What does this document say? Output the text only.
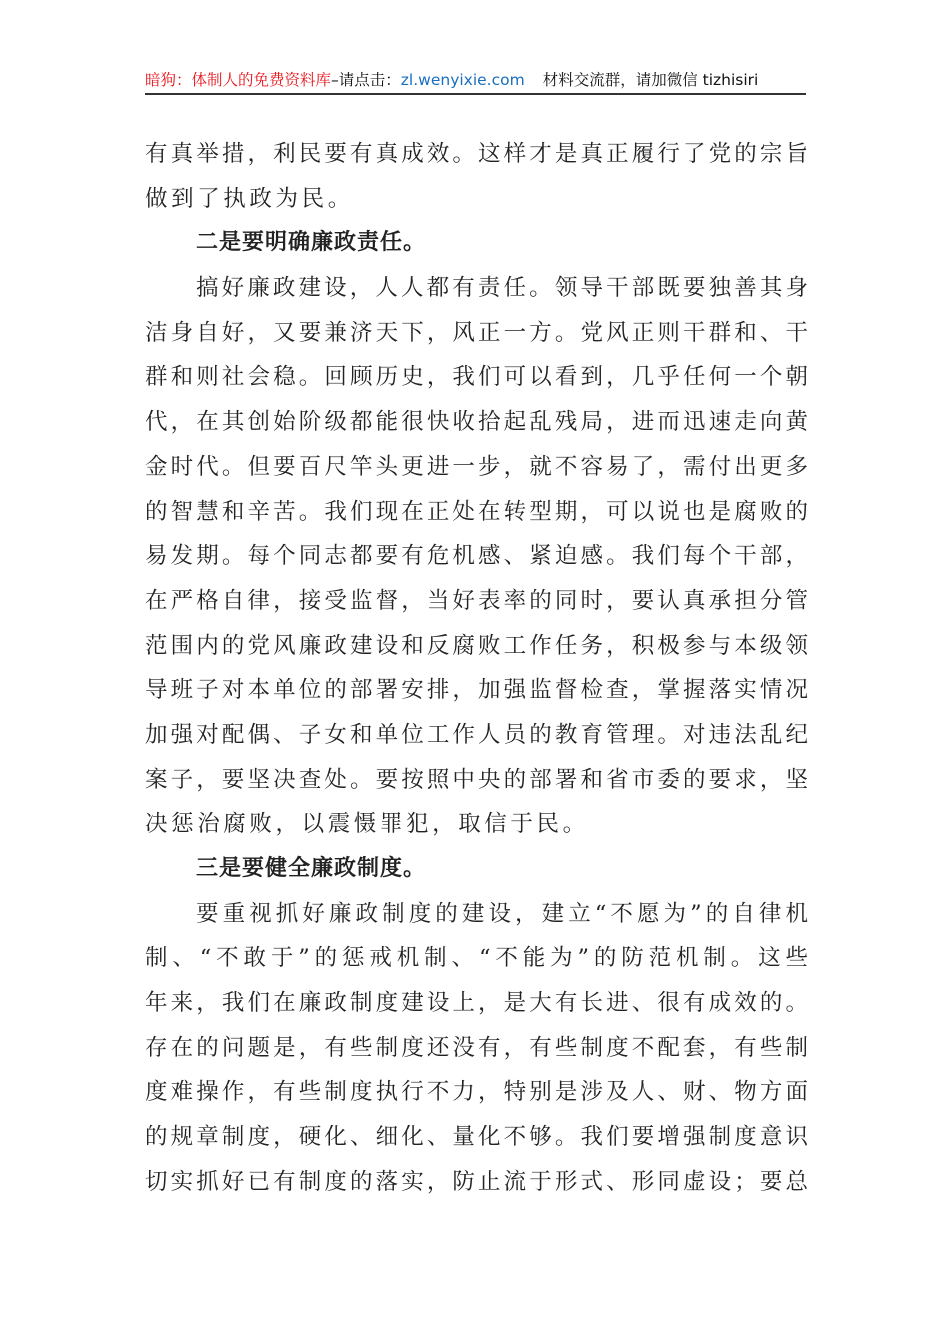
暗狗：体制人的免费资料库–请点击：zl.wenyixie.com 材料交流群，请加微信 tizhisiri
有真举措，利民要有真成效。这样才是真正履行了党的宗旨
做到了执政为民。
二是要明确廉政责任。
搞好廉政建设，人人都有责任。领导干部既要独善其身
洁身自好，又要兼济天下，风正一方。党风正则干群和、干
群和则社会稳。回顾历史，我们可以看到，几乎任何一个朝
代，在其创始阶级都能很快收拾起乱残局，进而迅速走向黄
金时代。但要百尺竿头更进一步，就不容易了，需付出更多
的智慧和辛苦。我们现在正处在转型期，可以说也是腐败的
易发期。每个同志都要有危机感、紧迫感。我们每个干部，
在严格自律，接受监督，当好表率的同时，要认真承担分管
范围内的党风廉政建设和反腐败工作任务，积极参与本级领
导班子对本单位的部署安排，加强监督检查，掌握落实情况
加强对配偶、子女和单位工作人员的教育管理。对违法乱纪
案子，要坚决查处。要按照中央的部署和省市委的要求，坚
决惩治腐败，以震慑罪犯，取信于民。
三是要健全廉政制度。
要重视抓好廉政制度的建设，建立“不愿为”的自律机
制、“不敢于”的惩戒机制、“不能为”的防范机制。这些
年来，我们在廉政制度建设上，是大有长进、很有成效的。
存在的问题是，有些制度还没有，有些制度不配套，有些制
度难操作，有些制度执行不力，特别是涉及人、财、物方面
的规章制度，硬化、细化、量化不够。我们要增强制度意识
切实抓好已有制度的落实，防止流于形式、形同虚设；要总
